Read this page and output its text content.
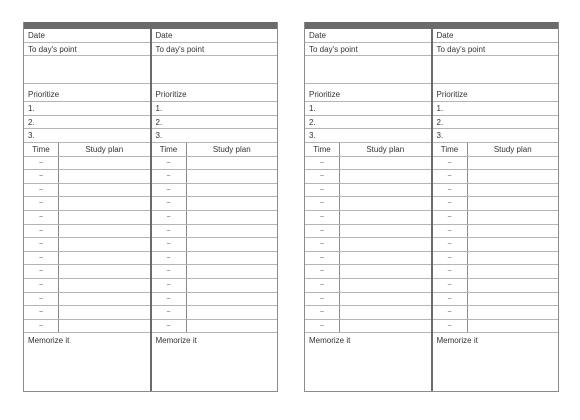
Date
To day's point
Prioritize
1.
2.
3.
Time	Study plan
~
~
~
~
~
~
~
~
~
~
~
~
~
Memorize it
Date
To day's point
Prioritize
1.
2.
3.
Time	Study plan
~
~
~
~
~
~
~
~
~
~
~
~
~
Memorize it
Date
To day's point
Prioritize
1.
2.
3.
Time	Study plan
~
~
~
~
~
~
~
~
~
~
~
~
~
Memorize it
Date
To day's point
Prioritize
1.
2.
3.
Time	Study plan
~
~
~
~
~
~
~
~
~
~
~
~
~
Memorize it
